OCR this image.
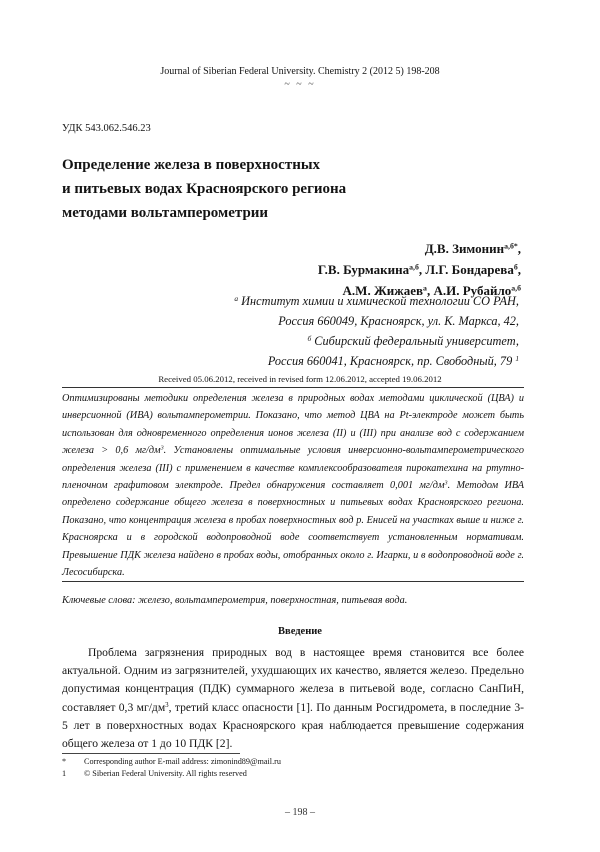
Journal of Siberian Federal University. Chemistry 2 (2012 5) 198-208
~ ~ ~
УДК 543.062.546.23
Определение железа в поверхностных
и питьевых водах Красноярского региона
методами вольтамперометрии
Д.В. Зимонин$^{а,б*}$,
Г.В. Бурмакина$^{а,б}$, Л.Г. Бондарева$^б$,
А.М. Жижаев$^а$, А.И. Рубайло$^{а,б}$
$^а$ Институт химии и химической технологии СО РАН,
Россия 660049, Красноярск, ул. К. Маркса, 42,
$^б$ Сибирский федеральный университет,
Россия 660041, Красноярск, пр. Свободный, 79 $^1$
Received 05.06.2012, received in revised form 12.06.2012, accepted 19.06.2012

Оптимизированы методики определения железа в природных водах методами циклической (ЦВА) и инверсионной (ИВА) вольтамперометрии. Показано, что метод ЦВА на Pt-электроде может быть использован для одновременного определения ионов железа (II) и (III) при анализе вод с содержанием железа > 0,6 $мг/дм^3$. Установлены оптимальные условия инверсионно-вольтамперометрического определения железа (III) с применением в качестве комплексообразователя пирокатехина на ртутно-пленочном графитовом электроде. Предел обнаружения составляет 0,001 $мг/дм^3$. Методом ИВА определено содержание общего железа в поверхностных и питьевых водах Красноярского региона. Показано, что концентрация железа в пробах поверхностных вод р. Енисей на участках выше и ниже г. Красноярска и в городской водопроводной воде соответствует установленным нормативам. Превышение ПДК железа найдено в пробах воды, отобранных около г. Игарки, и в водопроводной воде г. Лесосибирска.

Ключевые слова: железо, вольтамперометрия, поверхностная, питьевая вода.
Введение

Проблема загрязнения природных вод в настоящее время становится все более актуальной. Одним из загрязнителей, ухудшающих их качество, является железо. Предельно допустимая концентрация (ПДК) суммарного железа в питьевой воде, согласно СанПиН, составляет 0,3 $мг/дм^3$, третий класс опасности [1]. По данным Росгидромета, в последние 3-5 лет в поверхностных водах Красноярского края наблюдается превышение содержания общего железа от 1 до 10 ПДК [2].

* Corresponding author E-mail address: zimonind89@mail.ru
1 © Siberian Federal University. All rights reserved
– 198 –
